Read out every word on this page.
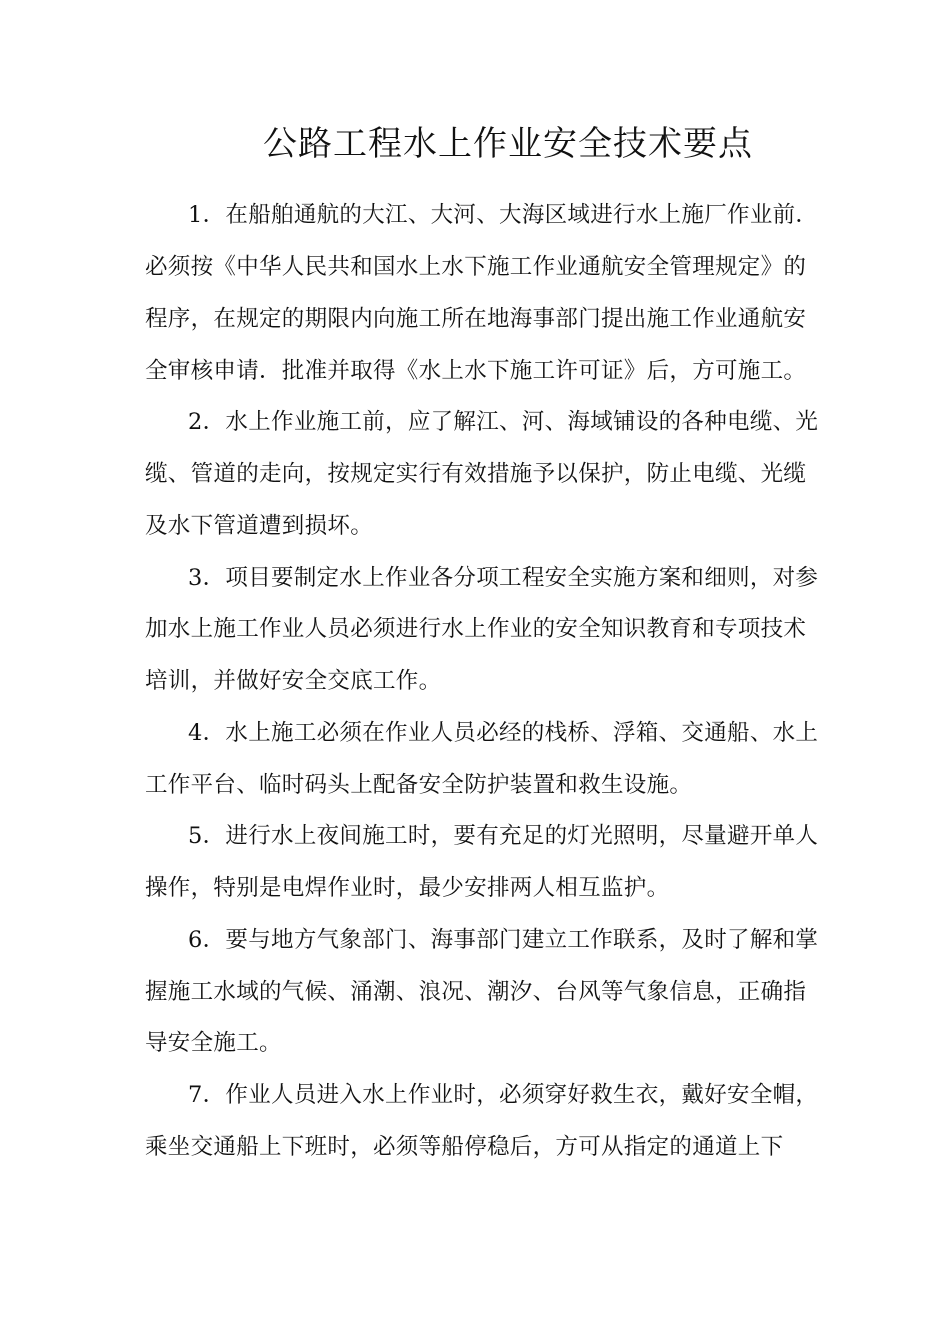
公路工程水上作业安全技术要点
1．在船舶通航的大江、大河、大海区域进行水上施厂作业前．
必须按《中华人民共和国水上水下施工作业通航安全管理规定》的
程序，在规定的期限内向施工所在地海事部门提出施工作业通航安
全审核申请．批准并取得《水上水下施工许可证》后，方可施工。
2．水上作业施工前，应了解江、河、海域铺设的各种电缆、光
缆、管道的走向，按规定实行有效措施予以保护，防止电缆、光缆
及水下管道遭到损坏。
3．项目要制定水上作业各分项工程安全实施方案和细则，对参
加水上施工作业人员必须进行水上作业的安全知识教育和专项技术
培训，并做好安全交底工作。
4．水上施工必须在作业人员必经的栈桥、浮箱、交通船、水上
工作平台、临时码头上配备安全防护装置和救生设施。
5．进行水上夜间施工时，要有充足的灯光照明，尽量避开单人
操作，特别是电焊作业时，最少安排两人相互监护。
6．要与地方气象部门、海事部门建立工作联系，及时了解和掌
握施工水域的气候、涌潮、浪况、潮汐、台风等气象信息，正确指
导安全施工。
7．作业人员进入水上作业时，必须穿好救生衣，戴好安全帽，
乘坐交通船上下班时，必须等船停稳后，方可从指定的通道上下
